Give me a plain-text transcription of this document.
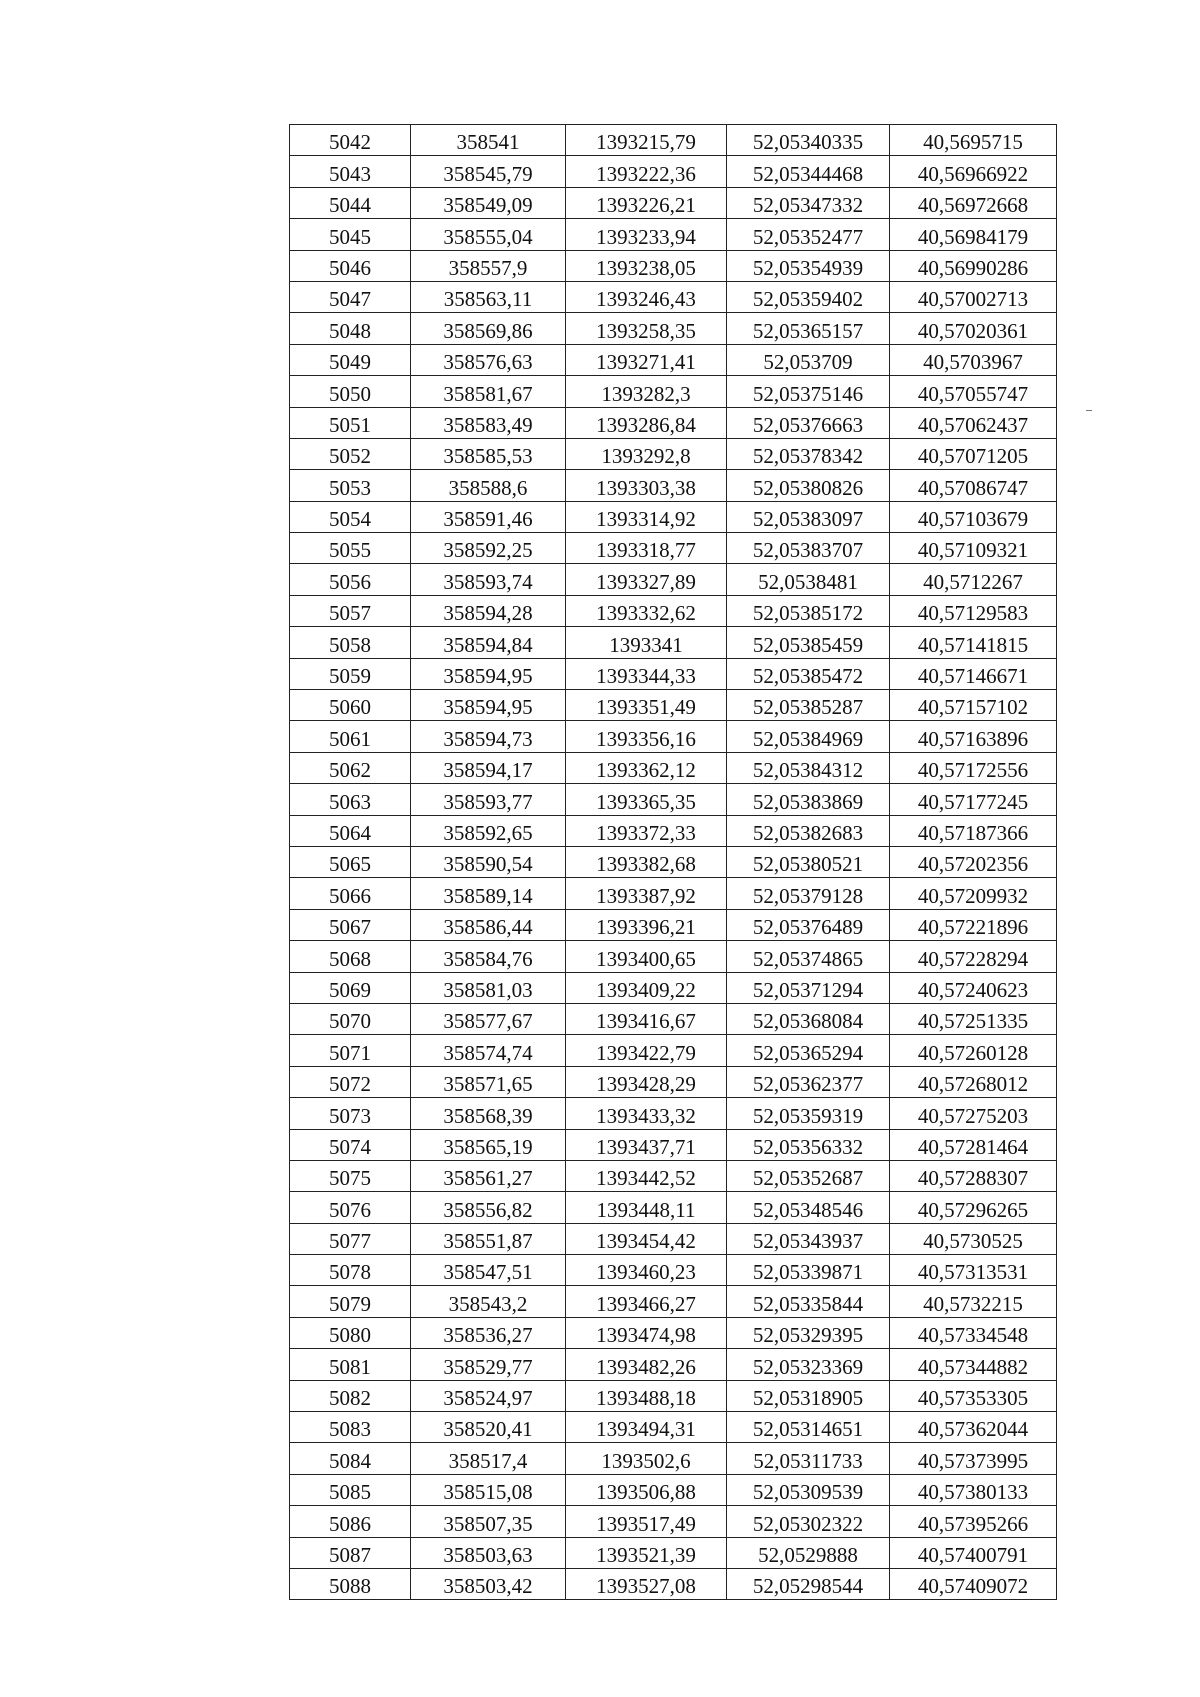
5042	358541	1393215,79	52,05340335	40,5695715
5043	358545,79	1393222,36	52,05344468	40,56966922
5044	358549,09	1393226,21	52,05347332	40,56972668
5045	358555,04	1393233,94	52,05352477	40,56984179
5046	358557,9	1393238,05	52,05354939	40,56990286
5047	358563,11	1393246,43	52,05359402	40,57002713
5048	358569,86	1393258,35	52,05365157	40,57020361
5049	358576,63	1393271,41	52,053709	40,5703967
5050	358581,67	1393282,3	52,05375146	40,57055747
5051	358583,49	1393286,84	52,05376663	40,57062437
5052	358585,53	1393292,8	52,05378342	40,57071205
5053	358588,6	1393303,38	52,05380826	40,57086747
5054	358591,46	1393314,92	52,05383097	40,57103679
5055	358592,25	1393318,77	52,05383707	40,57109321
5056	358593,74	1393327,89	52,0538481	40,5712267
5057	358594,28	1393332,62	52,05385172	40,57129583
5058	358594,84	1393341	52,05385459	40,57141815
5059	358594,95	1393344,33	52,05385472	40,57146671
5060	358594,95	1393351,49	52,05385287	40,57157102
5061	358594,73	1393356,16	52,05384969	40,57163896
5062	358594,17	1393362,12	52,05384312	40,57172556
5063	358593,77	1393365,35	52,05383869	40,57177245
5064	358592,65	1393372,33	52,05382683	40,57187366
5065	358590,54	1393382,68	52,05380521	40,57202356
5066	358589,14	1393387,92	52,05379128	40,57209932
5067	358586,44	1393396,21	52,05376489	40,57221896
5068	358584,76	1393400,65	52,05374865	40,57228294
5069	358581,03	1393409,22	52,05371294	40,57240623
5070	358577,67	1393416,67	52,05368084	40,57251335
5071	358574,74	1393422,79	52,05365294	40,57260128
5072	358571,65	1393428,29	52,05362377	40,57268012
5073	358568,39	1393433,32	52,05359319	40,57275203
5074	358565,19	1393437,71	52,05356332	40,57281464
5075	358561,27	1393442,52	52,05352687	40,57288307
5076	358556,82	1393448,11	52,05348546	40,57296265
5077	358551,87	1393454,42	52,05343937	40,5730525
5078	358547,51	1393460,23	52,05339871	40,57313531
5079	358543,2	1393466,27	52,05335844	40,5732215
5080	358536,27	1393474,98	52,05329395	40,57334548
5081	358529,77	1393482,26	52,05323369	40,57344882
5082	358524,97	1393488,18	52,05318905	40,57353305
5083	358520,41	1393494,31	52,05314651	40,57362044
5084	358517,4	1393502,6	52,05311733	40,57373995
5085	358515,08	1393506,88	52,05309539	40,57380133
5086	358507,35	1393517,49	52,05302322	40,57395266
5087	358503,63	1393521,39	52,0529888	40,57400791
5088	358503,42	1393527,08	52,05298544	40,57409072
